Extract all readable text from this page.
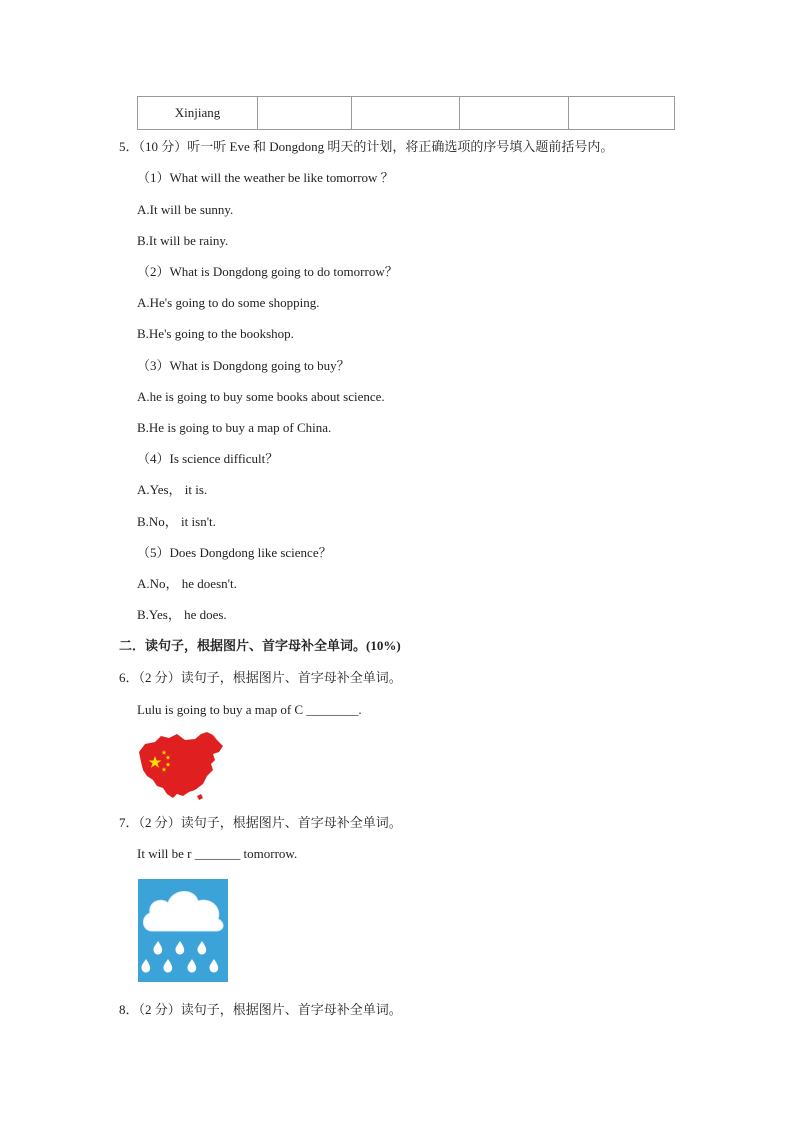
Xinjiang
5．（10 分）听一听 Eve 和 Dongdong 明天的计划，将正确选项的序号填入题前括号内。
（1）What will the weather be like tomorrow ？
A.It will be sunny.
B.It will be rainy.
（2）What is Dongdong going to do tomorrow？
A.He's going to do some shopping.
B.He's going to the bookshop.
（3）What is Dongdong going to buy？
A.he is going to buy some books about science.
B.He is going to buy a map of China.
（4）Is science difficult？
A.Yes， it is.
B.No， it isn't.
（5）Does Dongdong like science？
A.No， he doesn't.
B.Yes， he does.
二．读句子，根据图片、首字母补全单词。(10%)
6．（2 分）读句子，根据图片、首字母补全单词。
Lulu is going to buy a map of C ________.
7．（2 分）读句子，根据图片、首字母补全单词。
It will be r _______ tomorrow.
8．（2 分）读句子，根据图片、首字母补全单词。
